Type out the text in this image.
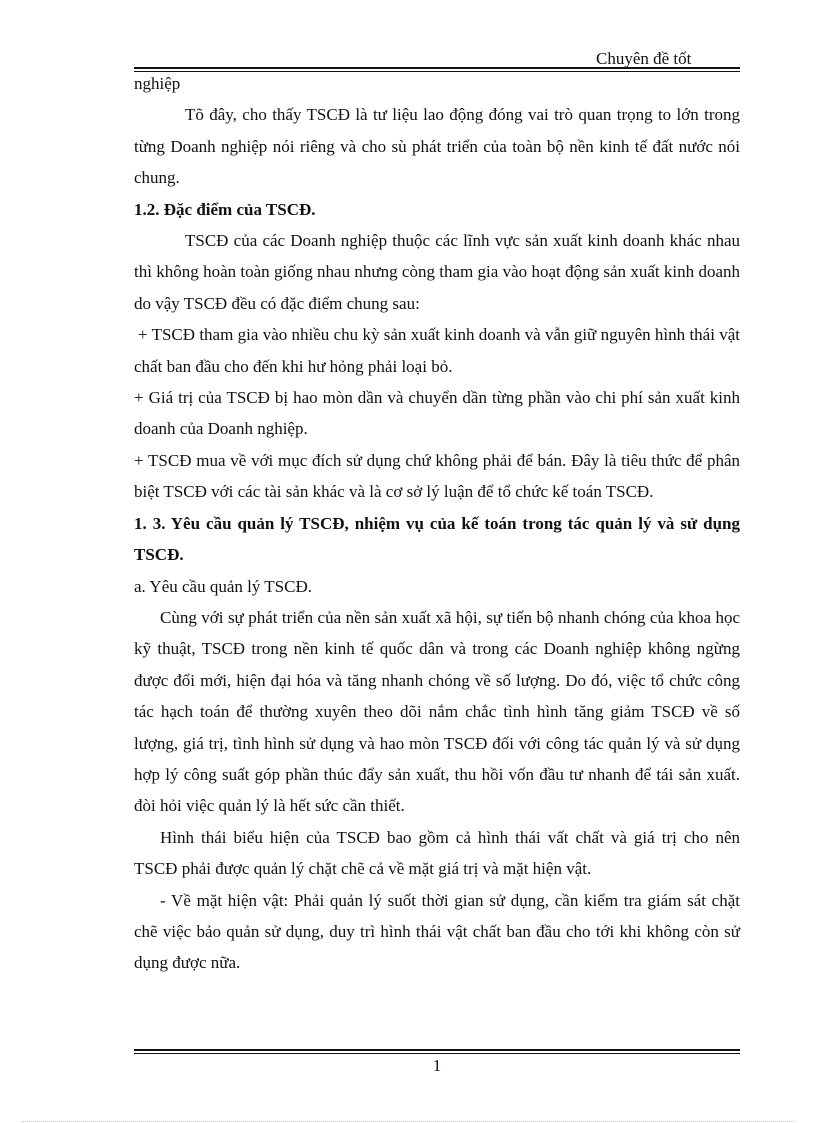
Chuyên đề tốt

nghiệp

Tõ đây, cho thấy TSCĐ là tư liệu lao động đóng vai trò quan trọng to lớn trong từng Doanh nghiệp nói riêng và cho sù phát triển của toàn bộ nền kinh tế đất nước nói chung.

1.2. Đặc điểm của TSCĐ.

TSCĐ của các Doanh nghiệp thuộc các lĩnh vực sản xuất kinh doanh khác nhau thì không hoàn toàn giống nhau nhưng còng tham gia vào hoạt động sản xuất kinh doanh do vậy TSCĐ đều có đặc điểm chung sau:

+ TSCĐ tham gia vào nhiều chu kỳ sản xuất kinh doanh và vẫn giữ nguyên hình thái vật chất ban đầu cho đến khi hư hỏng phải loại bỏ.

+ Giá trị của TSCĐ bị hao mòn dần và chuyển dần từng phần vào chi phí sản xuất kinh doanh của Doanh nghiệp.

+ TSCĐ mua về với mục đích sử dụng chứ không phải để bán. Đây là tiêu thức để phân biệt TSCĐ với các tài sản khác và là cơ sở lý luận để tổ chức kế toán TSCĐ.

1. 3. Yêu cầu quản lý TSCĐ, nhiệm vụ của kế toán trong tác quản lý và sử dụng TSCĐ.

a. Yêu cầu quản lý TSCĐ.

Cùng với sự phát triển của nền sản xuất xã hội, sự tiến bộ nhanh chóng của khoa học kỹ thuật, TSCĐ trong nền kinh tế quốc dân và trong các Doanh nghiệp không ngừng được đổi mới, hiện đại hóa và tăng nhanh chóng về số lượng. Do đó, việc tổ chức công tác hạch toán để thường xuyên theo dõi nắm chắc tình hình tăng giảm TSCĐ về số lượng, giá trị, tình hình sử dụng và hao mòn TSCĐ đối với công tác quản lý và sử dụng hợp lý công suất góp phần thúc đẩy sản xuất, thu hồi vốn đầu tư nhanh để tái sản xuất. đòi hỏi việc quản lý là hết sức cần thiết.

Hình thái biểu hiện của TSCĐ bao gồm cả hình thái vất chất và giá trị cho nên TSCĐ phải được quản lý chặt chẽ cả về mặt giá trị và mặt hiện vật.

- Về mặt hiện vật: Phải quản lý suốt thời gian sử dụng, cần kiểm tra giám sát chặt chẽ việc bảo quản sử dụng, duy trì hình thái vật chất ban đầu cho tới khi không còn sử dụng được nữa.

1
